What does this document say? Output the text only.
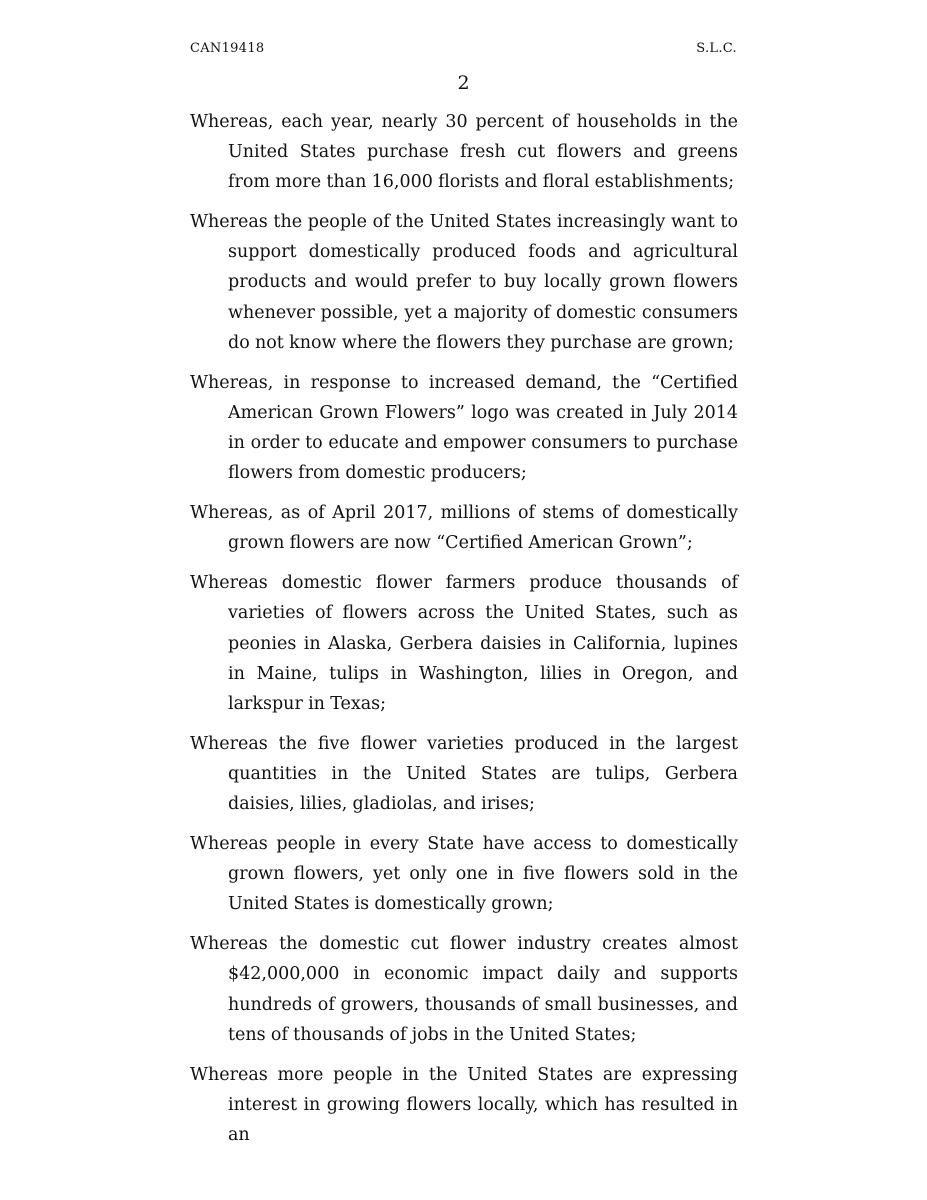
CAN19418	S.L.C.
2

Whereas, each year, nearly 30 percent of households in the United States purchase fresh cut flowers and greens from more than 16,000 florists and floral establishments;

Whereas the people of the United States increasingly want to support domestically produced foods and agricultural products and would prefer to buy locally grown flowers whenever possible, yet a majority of domestic consumers do not know where the flowers they purchase are grown;

Whereas, in response to increased demand, the “Certified American Grown Flowers” logo was created in July 2014 in order to educate and empower consumers to purchase flowers from domestic producers;

Whereas, as of April 2017, millions of stems of domestically grown flowers are now “Certified American Grown”;

Whereas domestic flower farmers produce thousands of varieties of flowers across the United States, such as peonies in Alaska, Gerbera daisies in California, lupines in Maine, tulips in Washington, lilies in Oregon, and larkspur in Texas;

Whereas the five flower varieties produced in the largest quantities in the United States are tulips, Gerbera daisies, lilies, gladiolas, and irises;

Whereas people in every State have access to domestically grown flowers, yet only one in five flowers sold in the United States is domestically grown;

Whereas the domestic cut flower industry creates almost $42,000,000 in economic impact daily and supports hundreds of growers, thousands of small businesses, and tens of thousands of jobs in the United States;

Whereas more people in the United States are expressing interest in growing flowers locally, which has resulted in an
